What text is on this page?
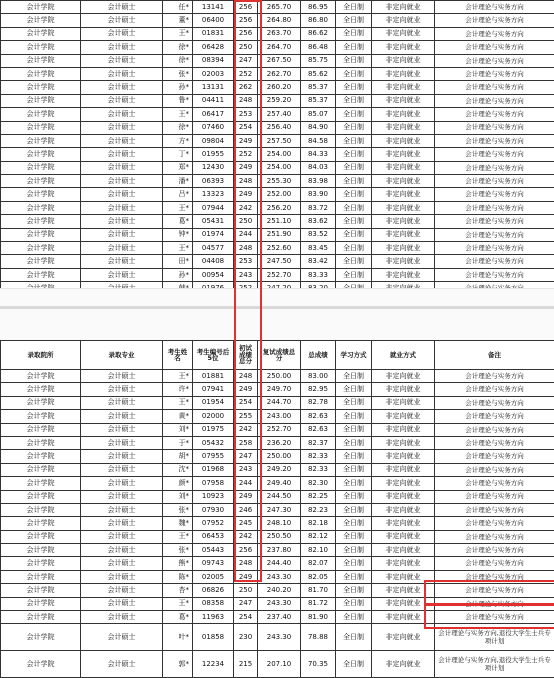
会计学院	会计硕士	任*	13141	256	265.70	86.95	全日制	非定向就业	会计理论与实务方向
会计学院	会计硕士	董*	06400	256	264.80	86.80	全日制	非定向就业	会计理论与实务方向
会计学院	会计硕士	王*	01831	256	263.70	86.62	全日制	非定向就业	会计理论与实务方向
会计学院	会计硕士	徐*	06428	250	264.70	86.48	全日制	非定向就业	会计理论与实务方向
会计学院	会计硕士	徐*	08394	247	267.50	85.75	全日制	非定向就业	会计理论与实务方向
会计学院	会计硕士	张*	02003	252	262.70	85.62	全日制	非定向就业	会计理论与实务方向
会计学院	会计硕士	孙*	13131	262	260.20	85.37	全日制	非定向就业	会计理论与实务方向
会计学院	会计硕士	鲁*	04411	248	259.20	85.37	全日制	非定向就业	会计理论与实务方向
会计学院	会计硕士	王*	06417	253	257.40	85.07	全日制	非定向就业	会计理论与实务方向
会计学院	会计硕士	徐*	07460	254	256.40	84.90	全日制	非定向就业	会计理论与实务方向
会计学院	会计硕士	方*	09804	249	257.50	84.58	全日制	非定向就业	会计理论与实务方向
会计学院	会计硕士	丁*	01955	252	254.00	84.33	全日制	非定向就业	会计理论与实务方向
会计学院	会计硕士	郑*	12430	249	254.00	84.03	全日制	非定向就业	会计理论与实务方向
会计学院	会计硕士	潘*	06393	248	255.30	83.98	全日制	非定向就业	会计理论与实务方向
会计学院	会计硕士	吕*	13323	249	252.00	83.90	全日制	非定向就业	会计理论与实务方向
会计学院	会计硕士	王*	07944	242	256.20	83.72	全日制	非定向就业	会计理论与实务方向
会计学院	会计硕士	葛*	05431	250	251.10	83.62	全日制	非定向就业	会计理论与实务方向
会计学院	会计硕士	钟*	01974	244	251.90	83.52	全日制	非定向就业	会计理论与实务方向
会计学院	会计硕士	王*	04577	248	252.60	83.45	全日制	非定向就业	会计理论与实务方向
会计学院	会计硕士	田*	04408	253	247.50	83.42	全日制	非定向就业	会计理论与实务方向
会计学院	会计硕士	孙*	00954	243	252.70	83.33	全日制	非定向就业	会计理论与实务方向

录取院所	录取专业	考生姓名	考生编号后5位	初试成绩总分	复试成绩总分	总成绩	学习方式	就业方式	备注
会计学院	会计硕士	王*	01881	248	250.00	83.00	全日制	非定向就业	会计理论与实务方向
会计学院	会计硕士	许*	07941	249	249.70	82.95	全日制	非定向就业	会计理论与实务方向
会计学院	会计硕士	王*	01954	254	244.70	82.78	全日制	非定向就业	会计理论与实务方向
会计学院	会计硕士	黄*	02000	255	243.00	82.63	全日制	非定向就业	会计理论与实务方向
会计学院	会计硕士	刘*	01975	242	252.70	82.63	全日制	非定向就业	会计理论与实务方向
会计学院	会计硕士	于*	05432	258	236.20	82.37	全日制	非定向就业	会计理论与实务方向
会计学院	会计硕士	胡*	07955	247	250.00	82.33	全日制	非定向就业	会计理论与实务方向
会计学院	会计硕士	沈*	01968	243	249.20	82.33	全日制	非定向就业	会计理论与实务方向
会计学院	会计硕士	颜*	07958	244	249.40	82.30	全日制	非定向就业	会计理论与实务方向
会计学院	会计硕士	刘*	10923	249	244.50	82.25	全日制	非定向就业	会计理论与实务方向
会计学院	会计硕士	张*	07930	246	247.30	82.23	全日制	非定向就业	会计理论与实务方向
会计学院	会计硕士	魏*	07952	245	248.10	82.18	全日制	非定向就业	会计理论与实务方向
会计学院	会计硕士	王*	06453	242	250.50	82.12	全日制	非定向就业	会计理论与实务方向
会计学院	会计硕士	张*	05443	256	237.80	82.10	全日制	非定向就业	会计理论与实务方向
会计学院	会计硕士	熊*	09743	248	244.40	82.07	全日制	非定向就业	会计理论与实务方向
会计学院	会计硕士	陈*	02005	249	243.30	82.05	全日制	非定向就业	会计理论与实务方向
会计学院	会计硕士	杏*	06826	250	240.20	81.70	全日制	非定向就业	会计理论与实务方向
会计学院	会计硕士	王*	08358	247	243.30	81.72	全日制	非定向就业	会计理论与实务方向
会计学院	会计硕士	葛*	11963	254	237.40	81.90	全日制	非定向就业	会计理论与实务方向
会计学院	会计硕士	叶*	01858	230	243.30	78.88	全日制	非定向就业	会计理论与实务方向,退役大学生士兵专项计划
会计学院	会计硕士	郭*	12234	215	207.10	70.35	全日制	非定向就业	会计理论与实务方向,退役大学生士兵专项计划
